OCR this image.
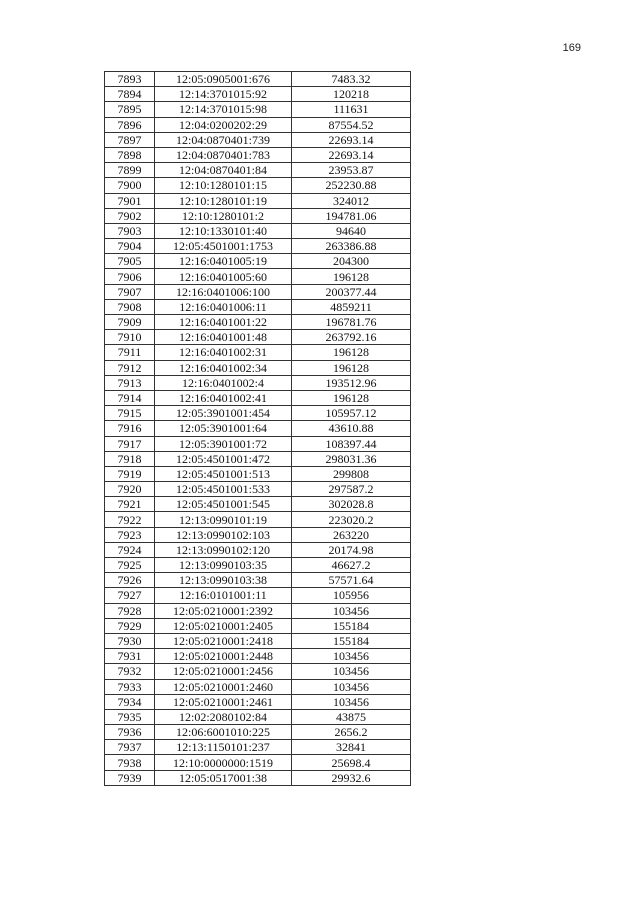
169
7893	12:05:0905001:676	7483.32
7894	12:14:3701015:92	120218
7895	12:14:3701015:98	111631
7896	12:04:0200202:29	87554.52
7897	12:04:0870401:739	22693.14
7898	12:04:0870401:783	22693.14
7899	12:04:0870401:84	23953.87
7900	12:10:1280101:15	252230.88
7901	12:10:1280101:19	324012
7902	12:10:1280101:2	194781.06
7903	12:10:1330101:40	94640
7904	12:05:4501001:1753	263386.88
7905	12:16:0401005:19	204300
7906	12:16:0401005:60	196128
7907	12:16:0401006:100	200377.44
7908	12:16:0401006:11	4859211
7909	12:16:0401001:22	196781.76
7910	12:16:0401001:48	263792.16
7911	12:16:0401002:31	196128
7912	12:16:0401002:34	196128
7913	12:16:0401002:4	193512.96
7914	12:16:0401002:41	196128
7915	12:05:3901001:454	105957.12
7916	12:05:3901001:64	43610.88
7917	12:05:3901001:72	108397.44
7918	12:05:4501001:472	298031.36
7919	12:05:4501001:513	299808
7920	12:05:4501001:533	297587.2
7921	12:05:4501001:545	302028.8
7922	12:13:0990101:19	223020.2
7923	12:13:0990102:103	263220
7924	12:13:0990102:120	20174.98
7925	12:13:0990103:35	46627.2
7926	12:13:0990103:38	57571.64
7927	12:16:0101001:11	105956
7928	12:05:0210001:2392	103456
7929	12:05:0210001:2405	155184
7930	12:05:0210001:2418	155184
7931	12:05:0210001:2448	103456
7932	12:05:0210001:2456	103456
7933	12:05:0210001:2460	103456
7934	12:05:0210001:2461	103456
7935	12:02:2080102:84	43875
7936	12:06:6001010:225	2656.2
7937	12:13:1150101:237	32841
7938	12:10:0000000:1519	25698.4
7939	12:05:0517001:38	29932.6
